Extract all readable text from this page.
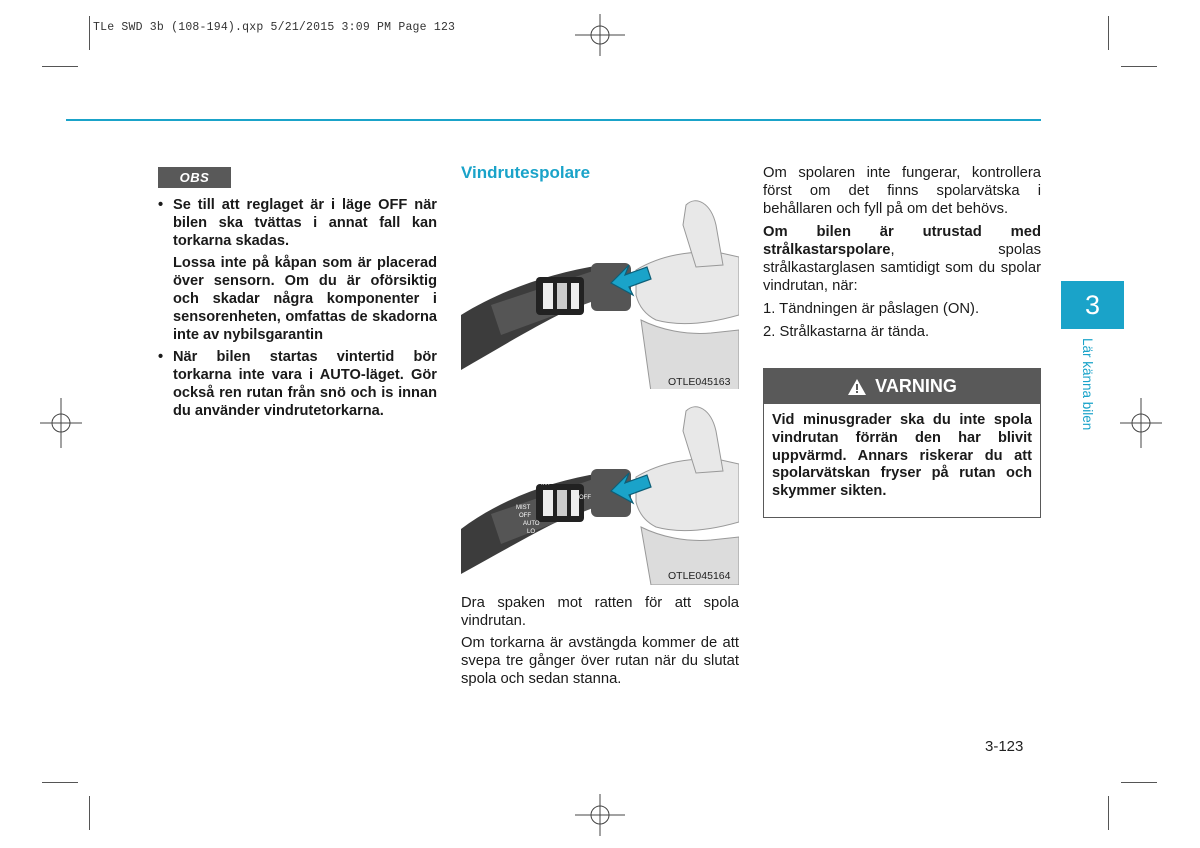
TLe SWD 3b (108-194).qxp 5/21/2015 3:09 PM Page 123
OBS
• Se till att reglaget är i läge OFF när bilen ska tvättas i annat fall kan torkarna skadas.
Lossa inte på kåpan som är placerad över sensorn. Om du är oförsiktig och skadar några komponenter i sensorenheten, omfattas de skadorna inte av nybilsgarantin
• När bilen startas vintertid bör torkarna inte vara i AUTO-läget. Gör också ren rutan från snö och is innan du använder vindrutetorkarna.
Vindrutespolare
OTLE045163
INT
OFF
MIST
OFF
AUTO
LO
HI
OTLE045164
Dra spaken mot ratten för att spola vindrutan.
Om torkarna är avstängda kommer de att svepa tre gånger över rutan när du slutat spola och sedan stanna.

Om spolaren inte fungerar, kontrollera först om det finns spolarvätska i behållaren och fyll på om det behövs.

Om bilen är utrustad med strålkastarspolare, spolas strålkastarglasen samtidigt som du spolar vindrutan, när:

1. Tändningen är påslagen (ON).
2. Strålkastarna är tända.
VARNING
Vid minusgrader ska du inte spola vindrutan förrän den har blivit uppvärmd. Annars riskerar du att spolarvätskan fryser på rutan och skymmer sikten.
3
Lär känna bilen
3-123
